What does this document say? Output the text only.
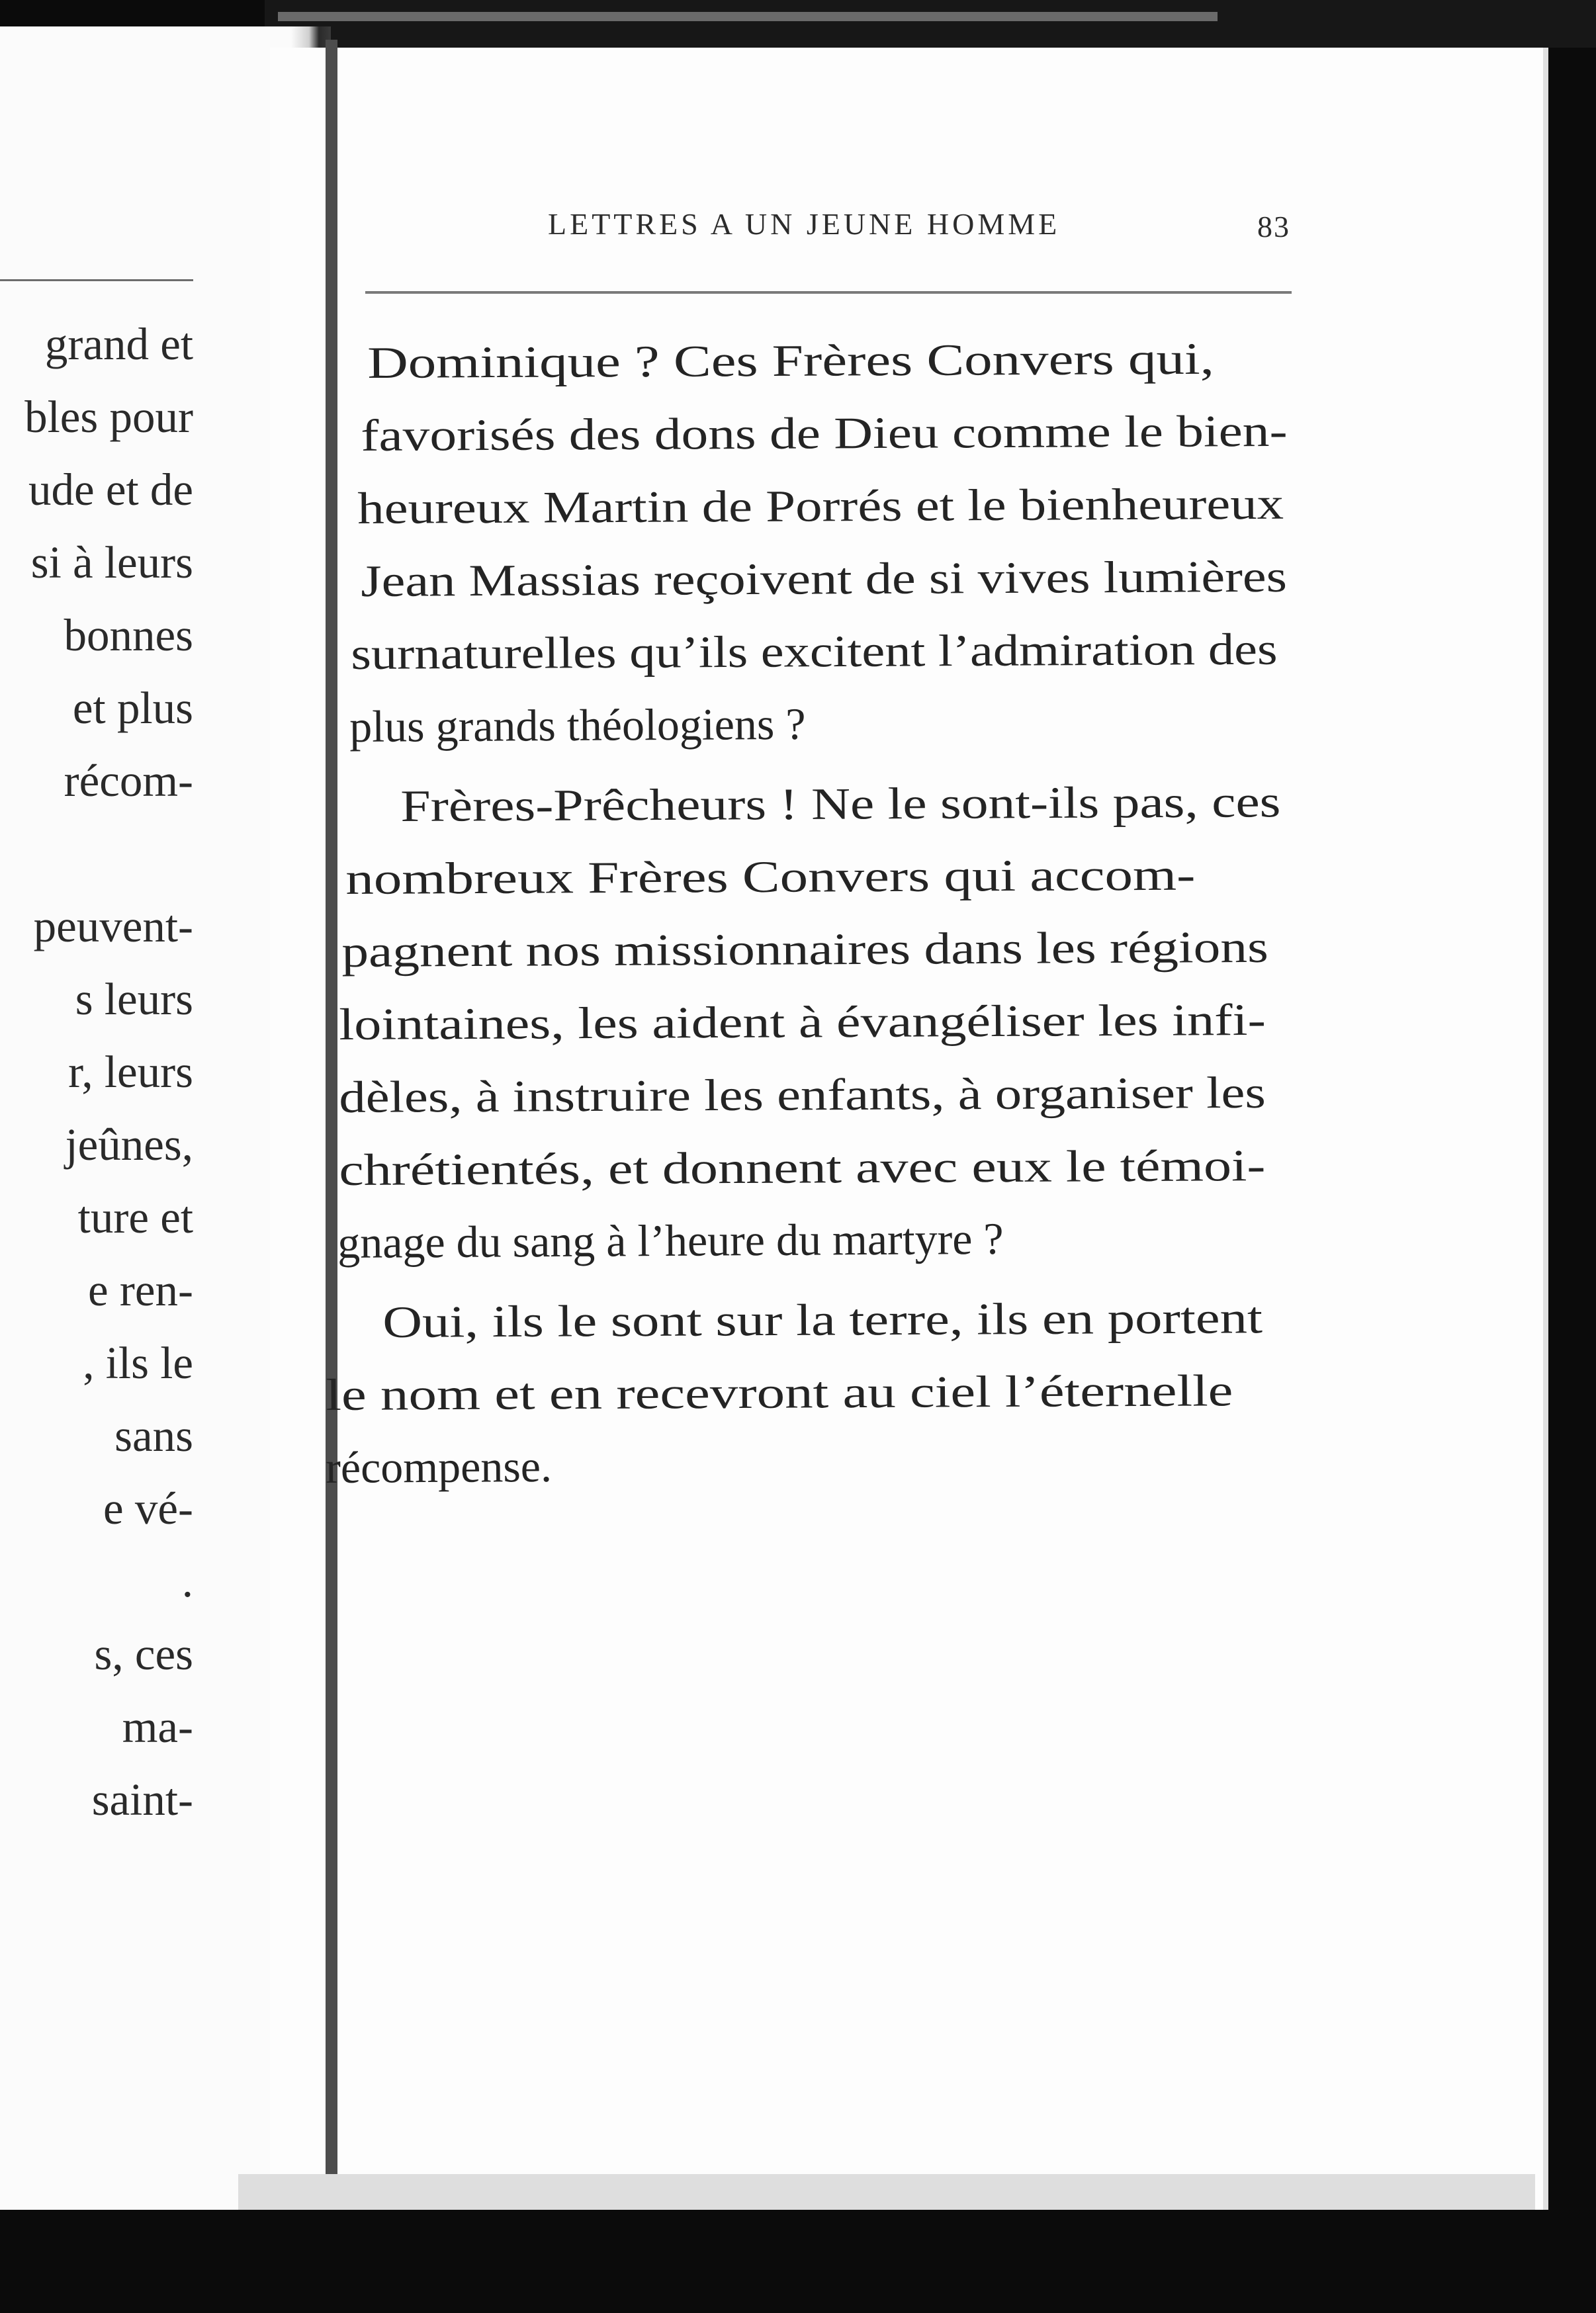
grand et
bles pour
ude et de
si à leurs
bonnes
et plus
récom-
peuvent-
s leurs
r, leurs
jeûnes,
ture et
e ren-
, ils le
sans
e vé-
.
s, ces
ma-
saint-

LETTRES A UN JEUNE HOMME

	83

Dominique ? Ces Frères Convers qui,
favorisés des dons de Dieu comme le bien-
heureux Martin de Porrés et le bienheureux
Jean Massias reçoivent de si vives lumières
surnaturelles qu’ils excitent l’admiration des
plus grands théologiens ?
Frères-Prêcheurs ! Ne le sont-ils pas, ces
nombreux Frères Convers qui accom-
pagnent nos missionnaires dans les régions
lointaines, les aident à évangéliser les infi-
dèles, à instruire les enfants, à organiser les
chrétientés, et donnent avec eux le témoi-
gnage du sang à l’heure du martyre ?
Oui, ils le sont sur la terre, ils en portent
le nom et en recevront au ciel l’éternelle
récompense.
